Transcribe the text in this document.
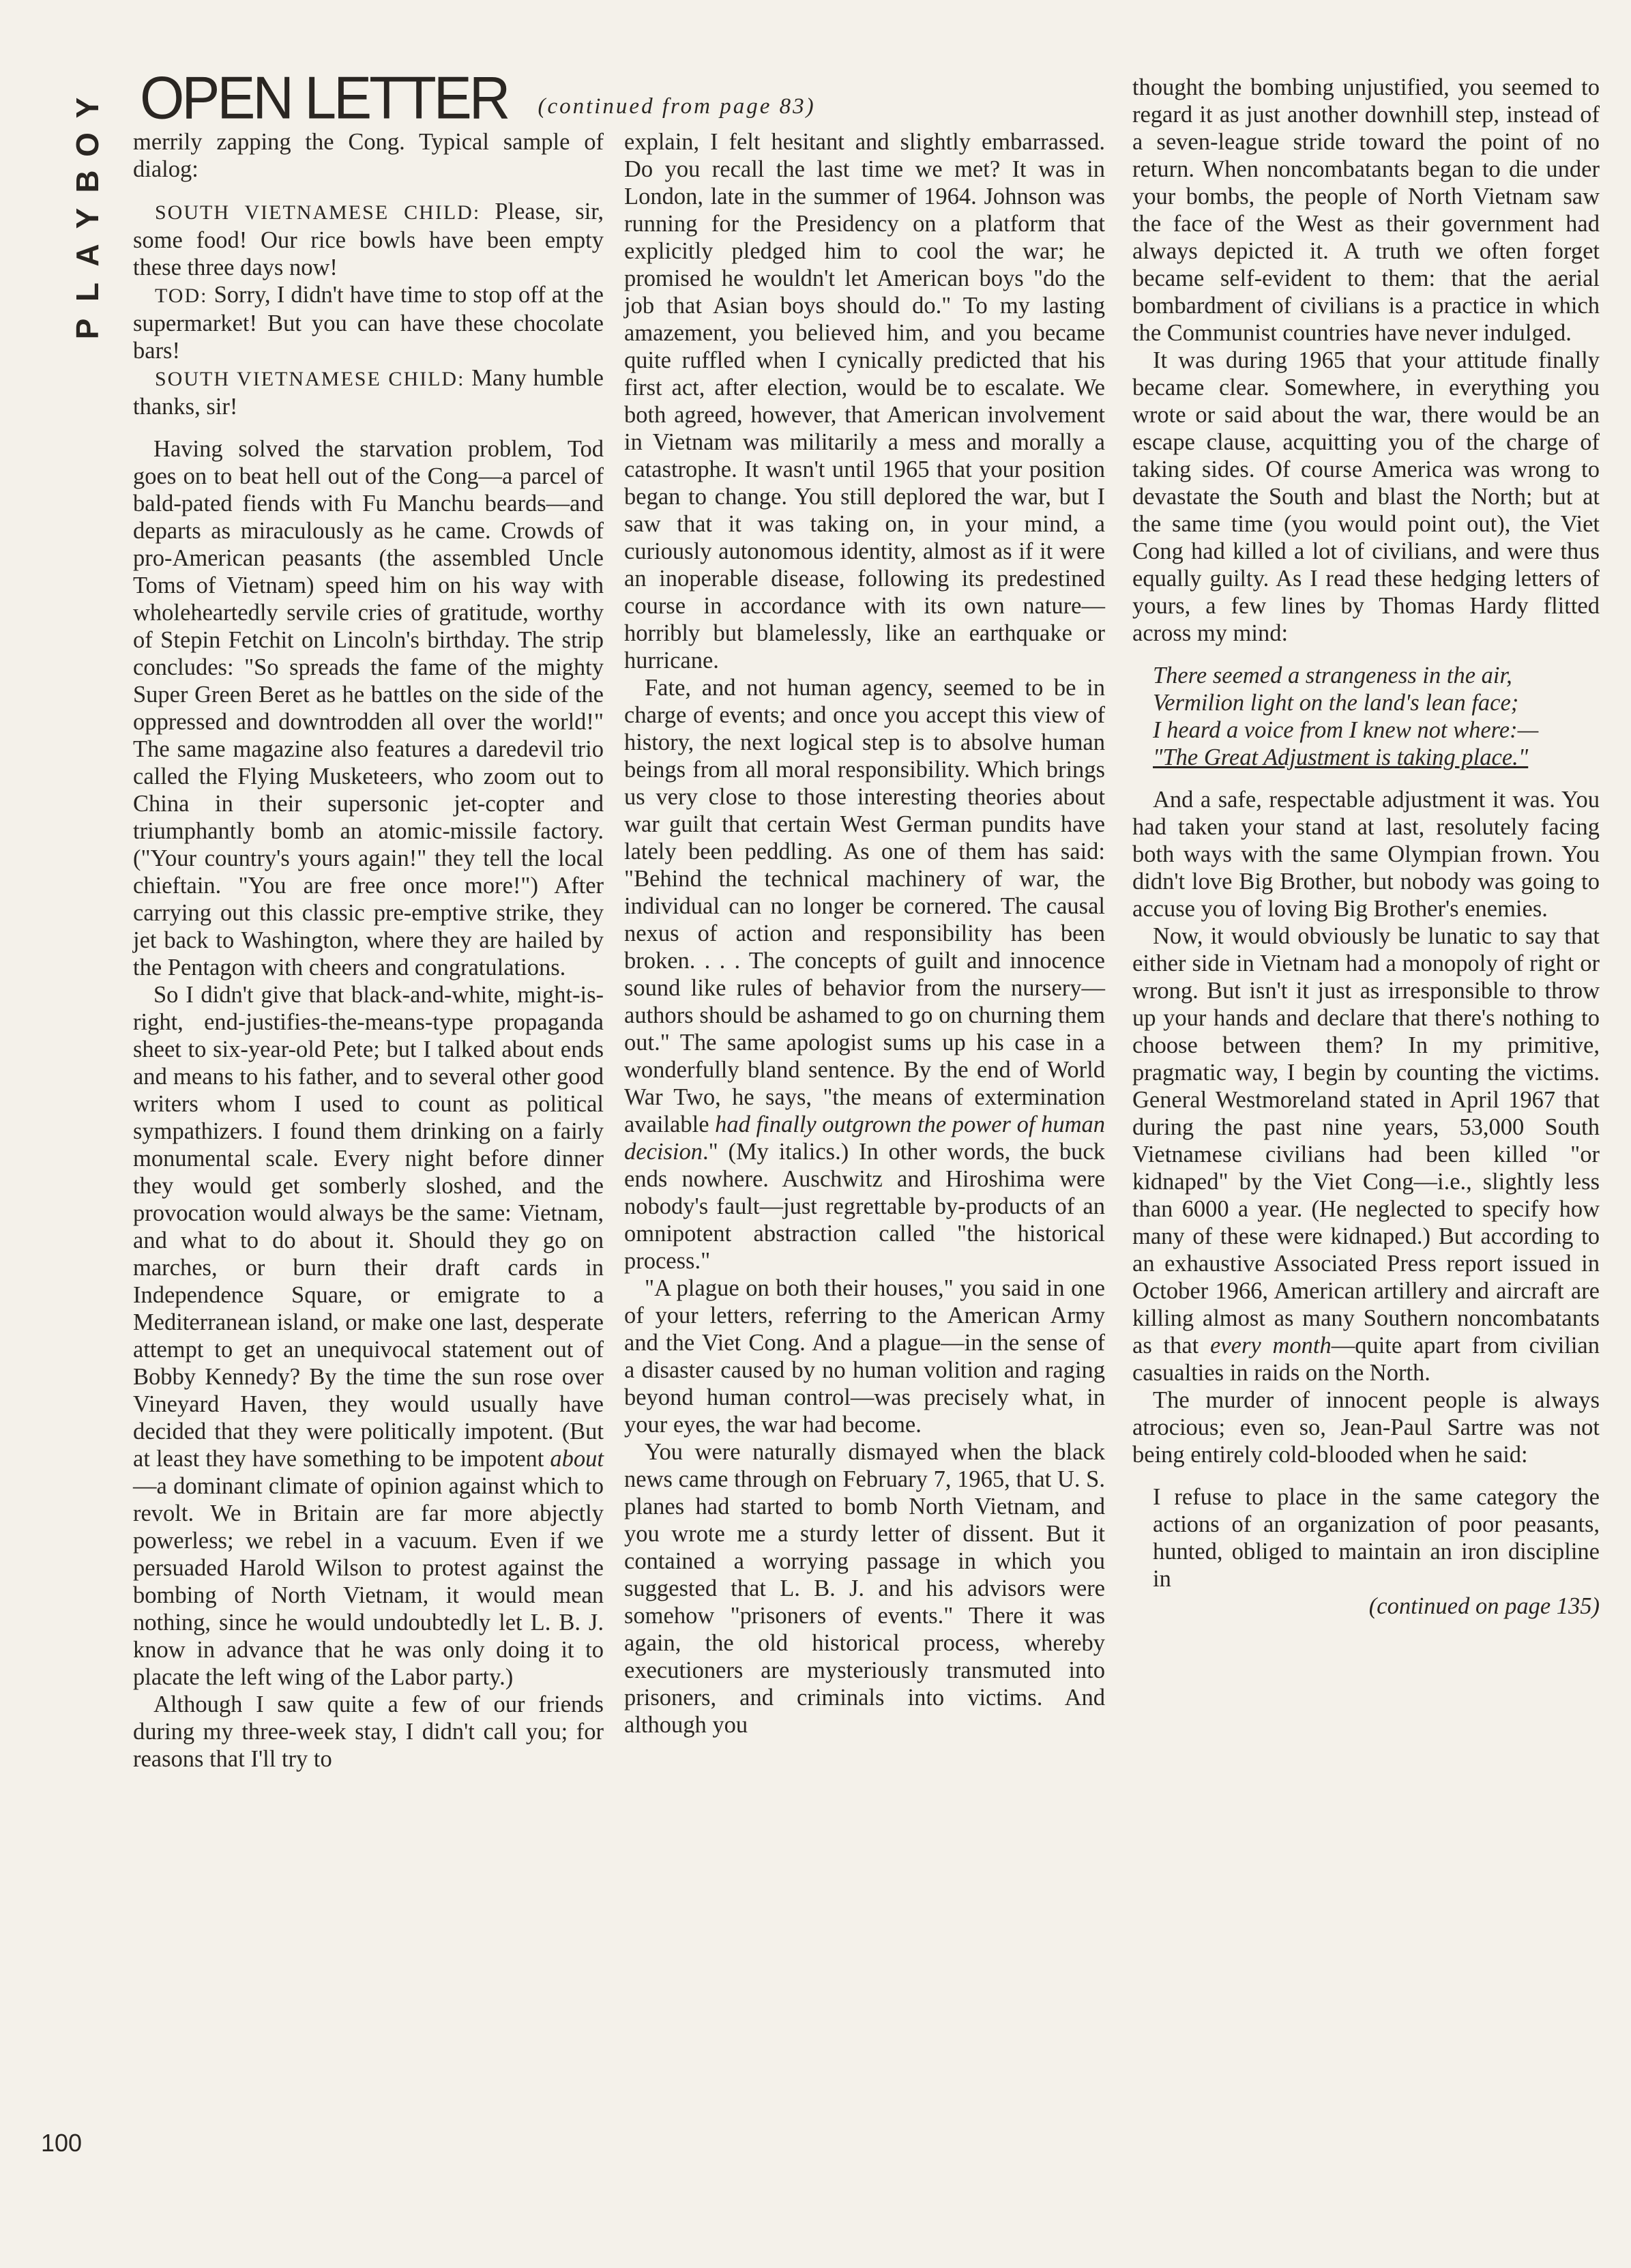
P
L
A
Y
B
O
Y OPEN LETTER (continued from page 83)

merrily zapping the Cong. Typical sample of dialog:

SOUTH VIETNAMESE CHILD: Please, sir, some food! Our rice bowls have been empty these three days now!
TOD: Sorry, I didn't have time to stop off at the supermarket! But you can have these chocolate bars!
SOUTH VIETNAMESE CHILD: Many humble thanks, sir!

Having solved the starvation problem, Tod goes on to beat hell out of the Cong—a parcel of bald-pated fiends with Fu Manchu beards—and departs as miraculously as he came. Crowds of pro-American peasants (the assembled Uncle Toms of Vietnam) speed him on his way with wholeheartedly servile cries of gratitude, worthy of Stepin Fetchit on Lincoln's birthday. The strip concludes: "So spreads the fame of the mighty Super Green Beret as he battles on the side of the oppressed and downtrodden all over the world!" The same magazine also features a daredevil trio called the Flying Musketeers, who zoom out to China in their supersonic jet-copter and triumphantly bomb an atomic-missile factory. ("Your country's yours again!" they tell the local chieftain. "You are free once more!") After carrying out this classic pre-emptive strike, they jet back to Washington, where they are hailed by the Pentagon with cheers and congratulations.

So I didn't give that black-and-white, might-is-right, end-justifies-the-means-type propaganda sheet to six-year-old Pete; but I talked about ends and means to his father, and to several other good writers whom I used to count as political sympathizers. I found them drinking on a fairly monumental scale. Every night before dinner they would get somberly sloshed, and the provocation would always be the same: Vietnam, and what to do about it. Should they go on marches, or burn their draft cards in Independence Square, or emigrate to a Mediterranean island, or make one last, desperate attempt to get an unequivocal statement out of Bobby Kennedy? By the time the sun rose over Vineyard Haven, they would usually have decided that they were politically impotent. (But at least they have something to be impotent about—a dominant climate of opinion against which to revolt. We in Britain are far more abjectly powerless; we rebel in a vacuum. Even if we persuaded Harold Wilson to protest against the bombing of North Vietnam, it would mean nothing, since he would undoubtedly let L. B. J. know in advance that he was only doing it to placate the left wing of the Labor party.)

Although I saw quite a few of our friends during my three-week stay, I didn't call you; for reasons that I'll try to

explain, I felt hesitant and slightly embarrassed. Do you recall the last time we met? It was in London, late in the summer of 1964. Johnson was running for the Presidency on a platform that explicitly pledged him to cool the war; he promised he wouldn't let American boys "do the job that Asian boys should do." To my lasting amazement, you believed him, and you became quite ruffled when I cynically predicted that his first act, after election, would be to escalate. We both agreed, however, that American involvement in Vietnam was militarily a mess and morally a catastrophe. It wasn't until 1965 that your position began to change. You still deplored the war, but I saw that it was taking on, in your mind, a curiously autonomous identity, almost as if it were an inoperable disease, following its predestined course in accordance with its own nature—horribly but blamelessly, like an earthquake or hurricane.

Fate, and not human agency, seemed to be in charge of events; and once you accept this view of history, the next logical step is to absolve human beings from all moral responsibility. Which brings us very close to those interesting theories about war guilt that certain West German pundits have lately been peddling. As one of them has said: "Behind the technical machinery of war, the individual can no longer be cornered. The causal nexus of action and responsibility has been broken. . . . The concepts of guilt and innocence sound like rules of behavior from the nursery—authors should be ashamed to go on churning them out." The same apologist sums up his case in a wonderfully bland sentence. By the end of World War Two, he says, "the means of extermination available had finally outgrown the power of human decision." (My italics.) In other words, the buck ends nowhere. Auschwitz and Hiroshima were nobody's fault—just regrettable by-products of an omnipotent abstraction called "the historical process."

"A plague on both their houses," you said in one of your letters, referring to the American Army and the Viet Cong. And a plague—in the sense of a disaster caused by no human volition and raging beyond human control—was precisely what, in your eyes, the war had become.

You were naturally dismayed when the black news came through on February 7, 1965, that U. S. planes had started to bomb North Vietnam, and you wrote me a sturdy letter of dissent. But it contained a worrying passage in which you suggested that L. B. J. and his advisors were somehow "prisoners of events." There it was again, the old historical process, whereby executioners are mysteriously transmuted into prisoners, and criminals into victims. And although you

thought the bombing unjustified, you seemed to regard it as just another downhill step, instead of a seven-league stride toward the point of no return. When noncombatants began to die under your bombs, the people of North Vietnam saw the face of the West as their government had always depicted it. A truth we often forget became self-evident to them: that the aerial bombardment of civilians is a practice in which the Communist countries have never indulged.

It was during 1965 that your attitude finally became clear. Somewhere, in everything you wrote or said about the war, there would be an escape clause, acquitting you of the charge of taking sides. Of course America was wrong to devastate the South and blast the North; but at the same time (you would point out), the Viet Cong had killed a lot of civilians, and were thus equally guilty. As I read these hedging letters of yours, a few lines by Thomas Hardy flitted across my mind:

There seemed a strangeness in the air,
Vermilion light on the land's lean face;
I heard a voice from I knew not where:—
"The Great Adjustment is taking place."

And a safe, respectable adjustment it was. You had taken your stand at last, resolutely facing both ways with the same Olympian frown. You didn't love Big Brother, but nobody was going to accuse you of loving Big Brother's enemies.

Now, it would obviously be lunatic to say that either side in Vietnam had a monopoly of right or wrong. But isn't it just as irresponsible to throw up your hands and declare that there's nothing to choose between them? In my primitive, pragmatic way, I begin by counting the victims. General Westmoreland stated in April 1967 that during the past nine years, 53,000 South Vietnamese civilians had been killed "or kidnaped" by the Viet Cong—i.e., slightly less than 6000 a year. (He neglected to specify how many of these were kidnaped.) But according to an exhaustive Associated Press report issued in October 1966, American artillery and aircraft are killing almost as many Southern noncombatants as that every month—quite apart from civilian casualties in raids on the North.

The murder of innocent people is always atrocious; even so, Jean-Paul Sartre was not being entirely cold-blooded when he said:

I refuse to place in the same category the actions of an organization of poor peasants, hunted, obliged to maintain an iron discipline in
(continued on page 135)
100
